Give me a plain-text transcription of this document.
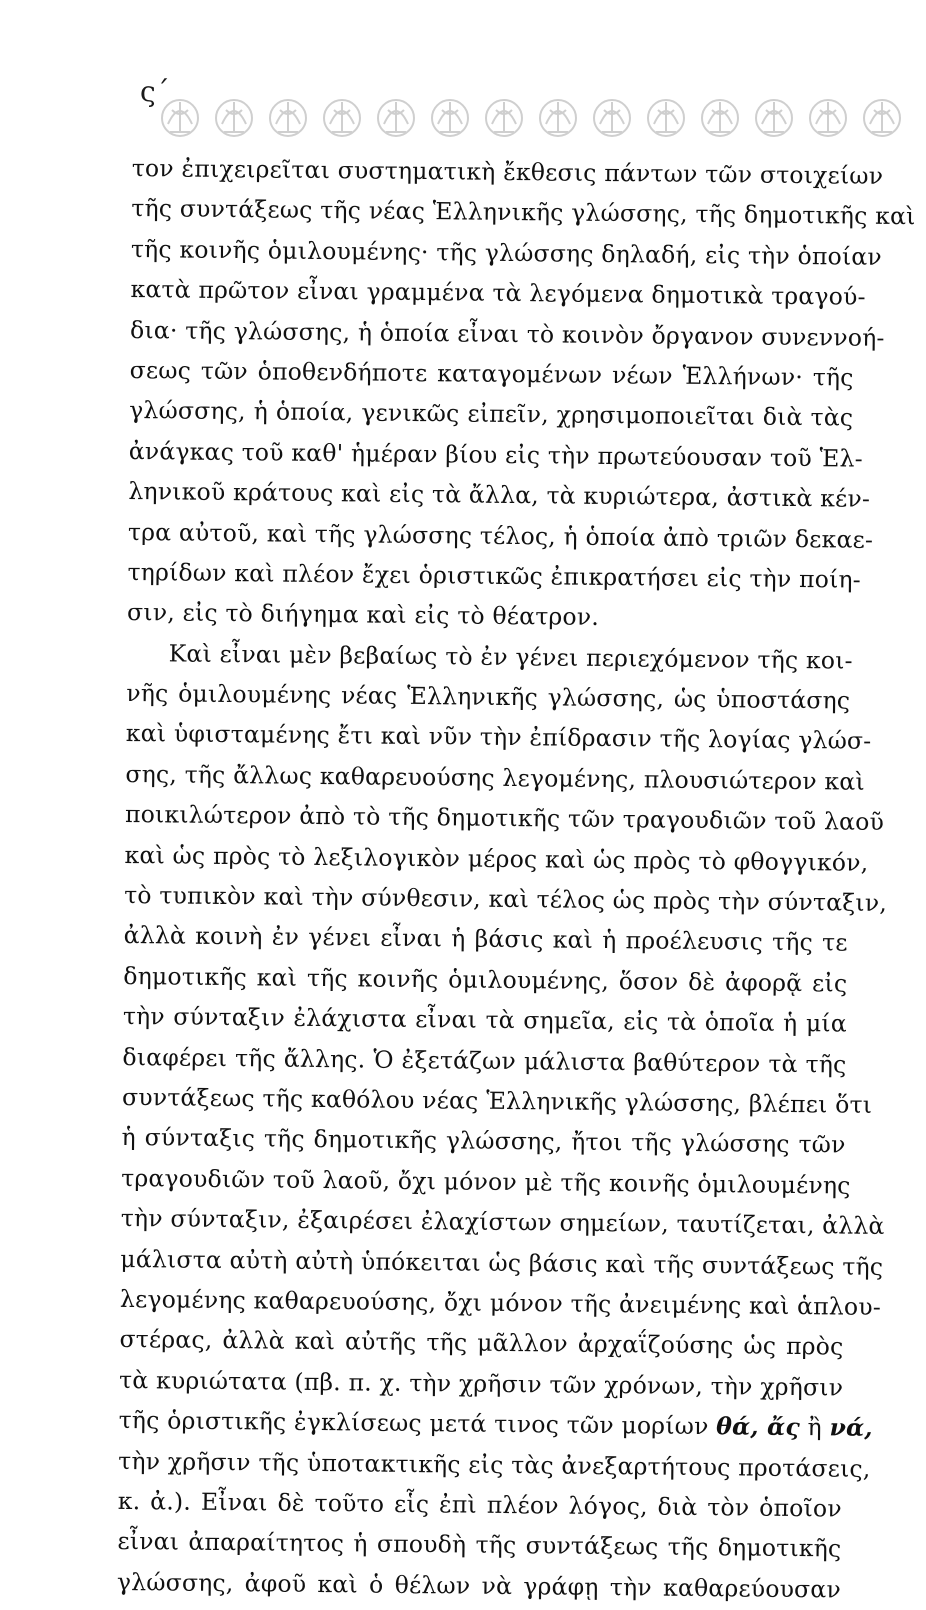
ς΄
τον ἐπιχειρεῖται συστηματικὴ ἔκθεσις πάντων τῶν στοιχείων
τῆς συντάξεως τῆς νέας Ἑλληνικῆς γλώσσης, τῆς δημοτικῆς καὶ
τῆς κοινῆς ὁμιλουμένης· τῆς γλώσσης δηλαδή, εἰς τὴν ὁποίαν
κατὰ πρῶτον εἶναι γραμμένα τὰ λεγόμενα δημοτικὰ τραγού-
δια· τῆς γλώσσης, ἡ ὁποία εἶναι τὸ κοινὸν ὄργανον συνεννοή-
σεως τῶν ὁποθενδήποτε καταγομένων νέων Ἑλλήνων· τῆς
γλώσσης, ἡ ὁποία, γενικῶς εἰπεῖν, χρησιμοποιεῖται διὰ τὰς
ἀνάγκας τοῦ καθ' ἡμέραν βίου εἰς τὴν πρωτεύουσαν τοῦ Ἑλ-
ληνικοῦ κράτους καὶ εἰς τὰ ἄλλα, τὰ κυριώτερα, ἀστικὰ κέν-
τρα αὐτοῦ, καὶ τῆς γλώσσης τέλος, ἡ ὁποία ἀπὸ τριῶν δεκαε-
τηρίδων καὶ πλέον ἔχει ὁριστικῶς ἐπικρατήσει εἰς τὴν ποίη-
σιν, εἰς τὸ διήγημα καὶ εἰς τὸ θέατρον.
Καὶ εἶναι μὲν βεβαίως τὸ ἐν γένει περιεχόμενον τῆς κοι-
νῆς ὁμιλουμένης νέας Ἑλληνικῆς γλώσσης, ὡς ὑποστάσης
καὶ ὑφισταμένης ἔτι καὶ νῦν τὴν ἐπίδρασιν τῆς λογίας γλώσ-
σης, τῆς ἄλλως καθαρευούσης λεγομένης, πλουσιώτερον καὶ
ποικιλώτερον ἀπὸ τὸ τῆς δημοτικῆς τῶν τραγουδιῶν τοῦ λαοῦ
καὶ ὡς πρὸς τὸ λεξιλογικὸν μέρος καὶ ὡς πρὸς τὸ φθογγικόν,
τὸ τυπικὸν καὶ τὴν σύνθεσιν, καὶ τέλος ὡς πρὸς τὴν σύνταξιν,
ἀλλὰ κοινὴ ἐν γένει εἶναι ἡ βάσις καὶ ἡ προέλευσις τῆς τε
δημοτικῆς καὶ τῆς κοινῆς ὁμιλουμένης, ὅσον δὲ ἀφορᾷ εἰς
τὴν σύνταξιν ἐλάχιστα εἶναι τὰ σημεῖα, εἰς τὰ ὁποῖα ἡ μία
διαφέρει τῆς ἄλλης. Ὁ ἐξετάζων μάλιστα βαθύτερον τὰ τῆς
συντάξεως τῆς καθόλου νέας Ἑλληνικῆς γλώσσης, βλέπει ὅτι
ἡ σύνταξις τῆς δημοτικῆς γλώσσης, ἤτοι τῆς γλώσσης τῶν
τραγουδιῶν τοῦ λαοῦ, ὄχι μόνον μὲ τῆς κοινῆς ὁμιλουμένης
τὴν σύνταξιν, ἐξαιρέσει ἐλαχίστων σημείων, ταυτίζεται, ἀλλὰ
μάλιστα αὐτὴ αὐτὴ ὑπόκειται ὡς βάσις καὶ τῆς συντάξεως τῆς
λεγομένης καθαρευούσης, ὄχι μόνον τῆς ἀνειμένης καὶ ἁπλου-
στέρας, ἀλλὰ καὶ αὐτῆς τῆς μᾶλλον ἀρχαΐζούσης ὡς πρὸς
τὰ κυριώτατα (πβ. π. χ. τὴν χρῆσιν τῶν χρόνων, τὴν χρῆσιν
τῆς ὁριστικῆς ἐγκλίσεως μετά τινος τῶν μορίων θά, ἄς ἢ νά,
τὴν χρῆσιν τῆς ὑποτακτικῆς εἰς τὰς ἀνεξαρτήτους προτάσεις,
κ. ἀ.). Εἶναι δὲ τοῦτο εἷς ἐπὶ πλέον λόγος, διὰ τὸν ὁποῖον
εἶναι ἀπαραίτητος ἡ σπουδὴ τῆς συντάξεως τῆς δημοτικῆς
γλώσσης, ἀφοῦ καὶ ὁ θέλων νὰ γράφῃ τὴν καθαρεύουσαν
